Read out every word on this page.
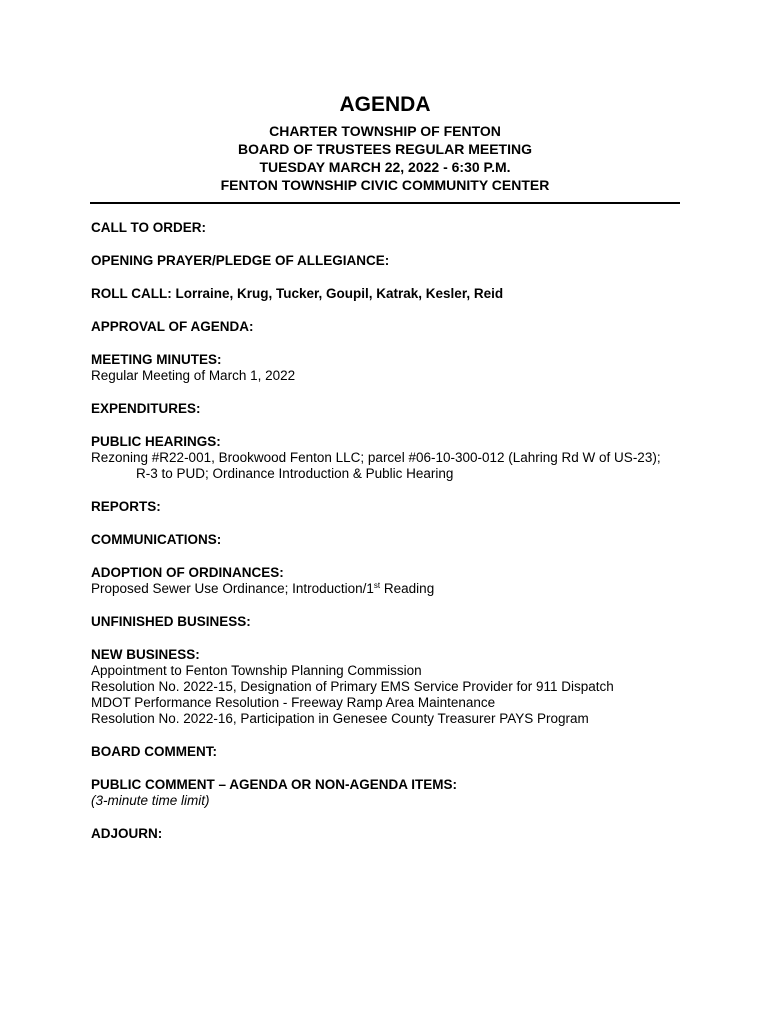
AGENDA
CHARTER TOWNSHIP OF FENTON
BOARD OF TRUSTEES REGULAR MEETING
TUESDAY MARCH 22, 2022 - 6:30 P.M.
FENTON TOWNSHIP CIVIC COMMUNITY CENTER
CALL TO ORDER:
OPENING PRAYER/PLEDGE OF ALLEGIANCE:
ROLL CALL: Lorraine, Krug, Tucker, Goupil, Katrak, Kesler, Reid
APPROVAL OF AGENDA:
MEETING MINUTES:
Regular Meeting of March 1, 2022
EXPENDITURES:
PUBLIC HEARINGS:
Rezoning #R22-001, Brookwood Fenton LLC; parcel #06-10-300-012 (Lahring Rd W of US-23);
R-3 to PUD; Ordinance Introduction & Public Hearing
REPORTS:
COMMUNICATIONS:
ADOPTION OF ORDINANCES:
Proposed Sewer Use Ordinance; Introduction/1st Reading
UNFINISHED BUSINESS:
NEW BUSINESS:
Appointment to Fenton Township Planning Commission
Resolution No. 2022-15, Designation of Primary EMS Service Provider for 911 Dispatch
MDOT Performance Resolution - Freeway Ramp Area Maintenance
Resolution No. 2022-16, Participation in Genesee County Treasurer PAYS Program
BOARD COMMENT:
PUBLIC COMMENT – AGENDA OR NON-AGENDA ITEMS:
(3-minute time limit)
ADJOURN:
